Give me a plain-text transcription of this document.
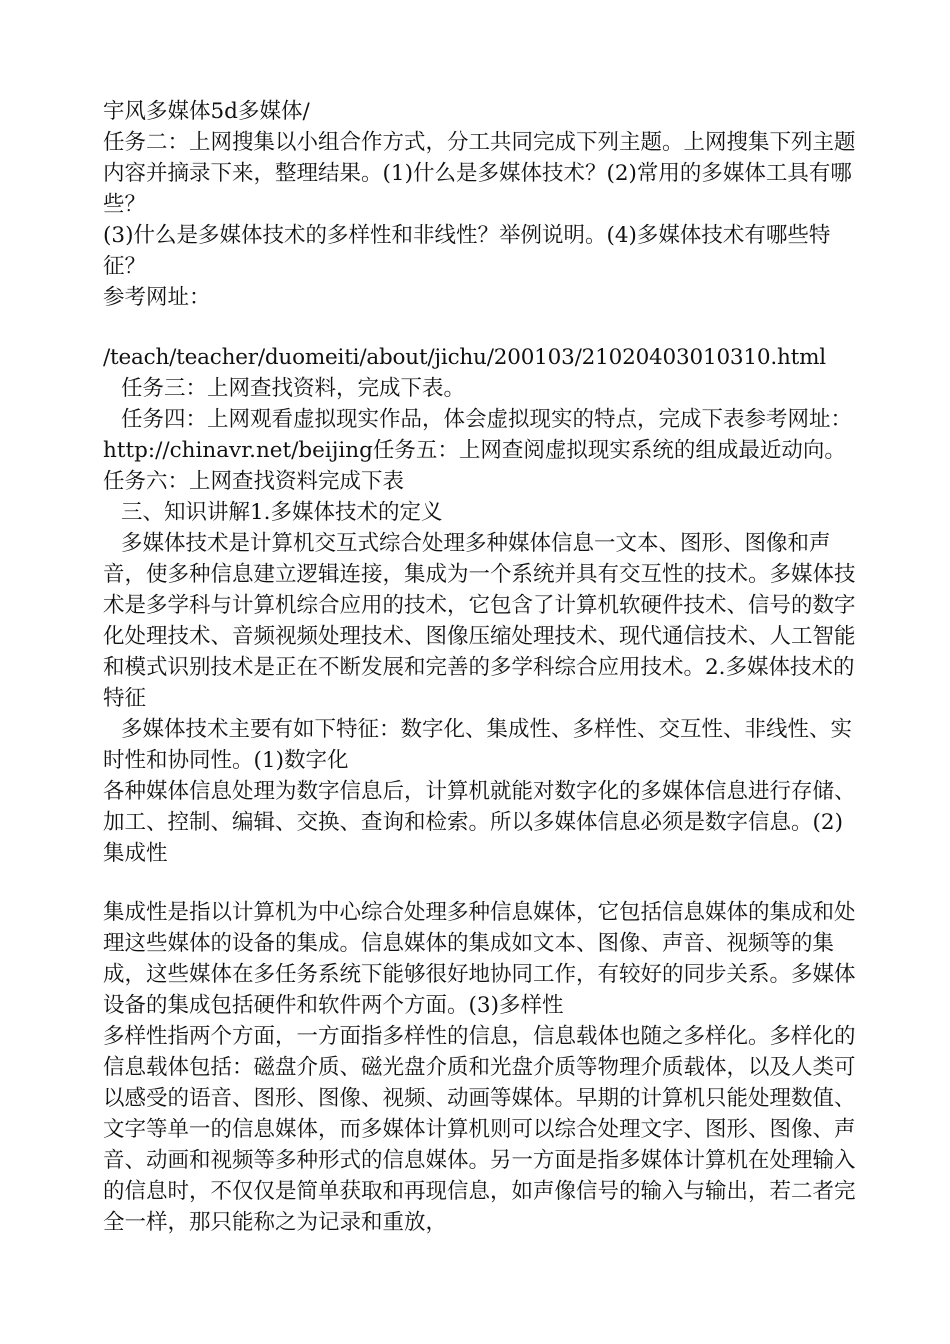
宇风多媒体5d多媒体/

任务二：上网搜集以小组合作方式，分工共同完成下列主题。上网搜集下列主题内容并摘录下来，整理结果。(1)什么是多媒体技术？(2)常用的多媒体工具有哪些？

(3)什么是多媒体技术的多样性和非线性？举例说明。(4)多媒体技术有哪些特征？

参考网址：

/teach/teacher/duomeiti/about/jichu/200103/21020403010310.html

任务三：上网查找资料，完成下表。

任务四：上网观看虚拟现实作品，体会虚拟现实的特点，完成下表参考网址：http://chinavr.net/beijing任务五：上网查阅虚拟现实系统的组成最近动向。任务六：上网查找资料完成下表

三、知识讲解1.多媒体技术的定义

多媒体技术是计算机交互式综合处理多种媒体信息一文本、图形、图像和声音，使多种信息建立逻辑连接，集成为一个系统并具有交互性的技术。多媒体技术是多学科与计算机综合应用的技术，它包含了计算机软硬件技术、信号的数字化处理技术、音频视频处理技术、图像压缩处理技术、现代通信技术、人工智能和模式识别技术是正在不断发展和完善的多学科综合应用技术。2.多媒体技术的特征

多媒体技术主要有如下特征：数字化、集成性、多样性、交互性、非线性、实时性和协同性。(1)数字化

各种媒体信息处理为数字信息后，计算机就能对数字化的多媒体信息进行存储、加工、控制、编辑、交换、查询和检索。所以多媒体信息必须是数字信息。(2)集成性

集成性是指以计算机为中心综合处理多种信息媒体，它包括信息媒体的集成和处理这些媒体的设备的集成。信息媒体的集成如文本、图像、声音、视频等的集成，这些媒体在多任务系统下能够很好地协同工作，有较好的同步关系。多媒体设备的集成包括硬件和软件两个方面。(3)多样性

多样性指两个方面，一方面指多样性的信息，信息载体也随之多样化。多样化的信息载体包括：磁盘介质、磁光盘介质和光盘介质等物理介质载体，以及人类可以感受的语音、图形、图像、视频、动画等媒体。早期的计算机只能处理数值、文字等单一的信息媒体，而多媒体计算机则可以综合处理文字、图形、图像、声音、动画和视频等多种形式的信息媒体。另一方面是指多媒体计算机在处理输入的信息时，不仅仅是简单获取和再现信息，如声像信号的输入与输出，若二者完全一样，那只能称之为记录和重放，
